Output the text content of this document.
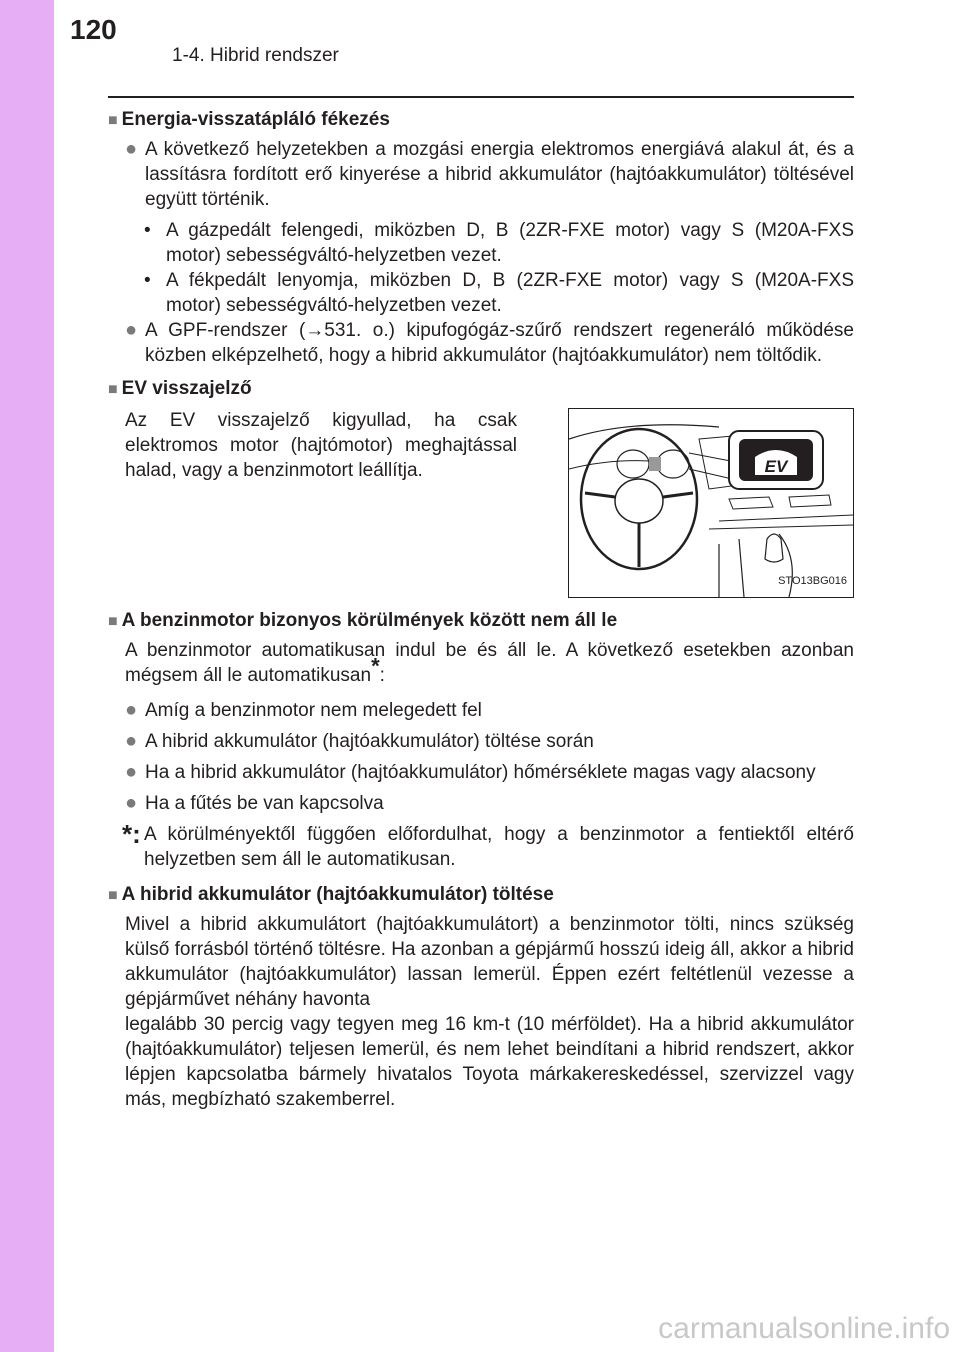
120
1-4. Hibrid rendszer
■ Energia-visszatápláló fékezés
● A következő helyzetekben a mozgási energia elektromos energiává alakul át, és a lassításra fordított erő kinyerése a hibrid akkumulátor (hajtóakkumulátor) töltésével együtt történik.
• A gázpedált felengedi, miközben D, B (2ZR-FXE motor) vagy S (M20A-FXS motor) sebességváltó-helyzetben vezet.
• A fékpedált lenyomja, miközben D, B (2ZR-FXE motor) vagy S (M20A-FXS motor) sebességváltó-helyzetben vezet.
● A GPF-rendszer (→531. o.) kipufogógáz-szűrő rendszert regeneráló működése közben elképzelhető, hogy a hibrid akkumulátor (hajtóakkumulátor) nem töltődik.
■ EV visszajelző
Az EV visszajelző kigyullad, ha csak elektromos motor (hajtómotor) meghajtással halad, vagy a benzinmotort leállítja.	EV
STO13BG016
■ A benzinmotor bizonyos körülmények között nem áll le
A benzinmotor automatikusan indul be és áll le. A következő esetekben azonban mégsem áll le automatikusan*:
● Amíg a benzinmotor nem melegedett fel
● A hibrid akkumulátor (hajtóakkumulátor) töltése során
● Ha a hibrid akkumulátor (hajtóakkumulátor) hőmérséklete magas vagy alacsony
● Ha a fűtés be van kapcsolva
*: A körülményektől függően előfordulhat, hogy a benzinmotor a fentiektől eltérő helyzetben sem áll le automatikusan.
■ A hibrid akkumulátor (hajtóakkumulátor) töltése
Mivel a hibrid akkumulátort (hajtóakkumulátort) a benzinmotor tölti, nincs szükség külső forrásból történő töltésre. Ha azonban a gépjármű hosszú ideig áll, akkor a hibrid akkumulátor (hajtóakkumulátor) lassan lemerül. Éppen ezért feltétlenül vezesse a gépjárművet néhány havonta
legalább 30 percig vagy tegyen meg 16 km-t (10 mérföldet). Ha a hibrid akkumulátor (hajtóakkumulátor) teljesen lemerül, és nem lehet beindítani a hibrid rendszert, akkor lépjen kapcsolatba bármely hivatalos Toyota márkakereskedéssel, szervizzel vagy más, megbízható szakemberrel.
carmanualsonline.info
